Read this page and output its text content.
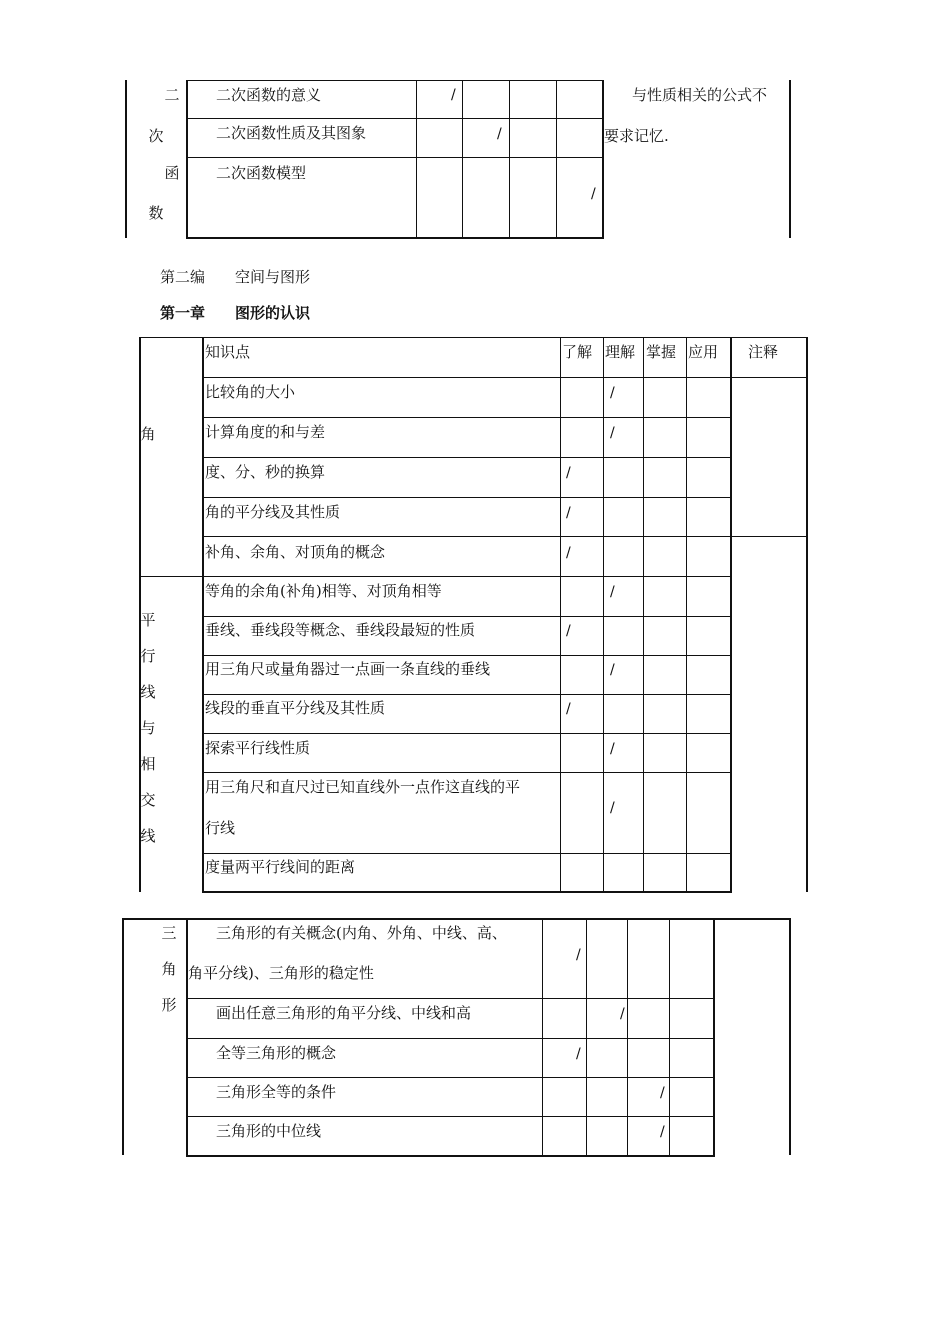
二
次
函
数
二次函数的意义
二次函数性质及其图象
二次函数模型
/
/
/
与性质相关的公式不
要求记忆.
第二编　　空间与图形
第一章　　图形的认识
知识点	了解 理解 掌握 应用 注释
角
平
行
线
与
相
交
线
比较角的大小
计算角度的和与差
度、分、秒的换算
角的平分线及其性质
补角、余角、对顶角的概念
等角的余角(补角)相等、对顶角相等
垂线、垂线段等概念、垂线段最短的性质
用三角尺或量角器过一点画一条直线的垂线
线段的垂直平分线及其性质
探索平行线性质
用三角尺和直尺过已知直线外一点作这直线的平
行线
度量两平行线间的距离
/
/
/
/
/
/
/
/
/
/
/
三
角
形
三角形的有关概念(内角、外角、中线、高、
角平分线)、三角形的稳定性
画出任意三角形的角平分线、中线和高
全等三角形的概念
三角形全等的条件
三角形的中位线
/
/
/
/
/
